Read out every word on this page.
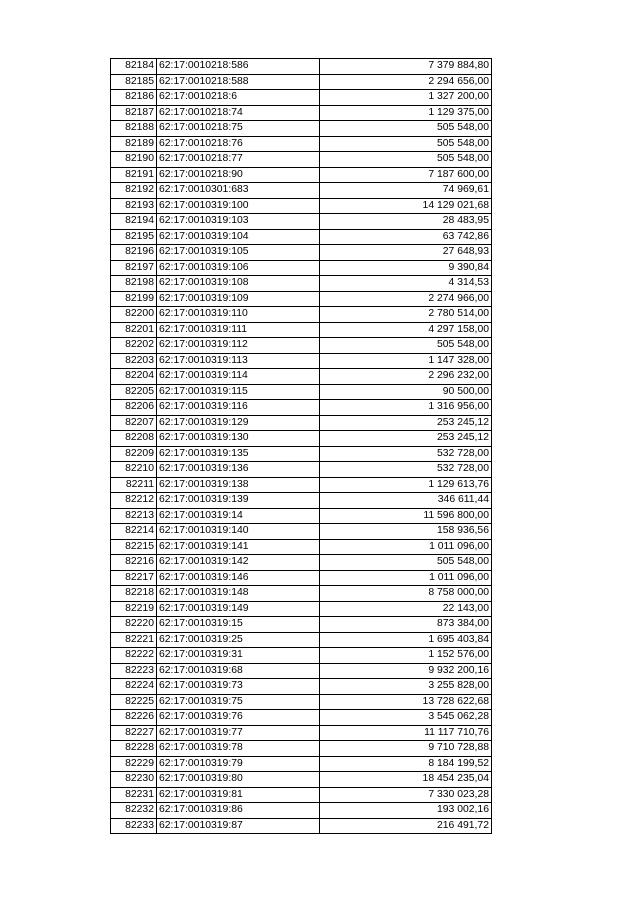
82184	62:17:0010218:586	7 379 884,80
82185	62:17:0010218:588	2 294 656,00
82186	62:17:0010218:6	1 327 200,00
82187	62:17:0010218:74	1 129 375,00
82188	62:17:0010218:75	505 548,00
82189	62:17:0010218:76	505 548,00
82190	62:17:0010218:77	505 548,00
82191	62:17:0010218:90	7 187 600,00
82192	62:17:0010301:683	74 969,61
82193	62:17:0010319:100	14 129 021,68
82194	62:17:0010319:103	28 483,95
82195	62:17:0010319:104	63 742,86
82196	62:17:0010319:105	27 648,93
82197	62:17:0010319:106	9 390,84
82198	62:17:0010319:108	4 314,53
82199	62:17:0010319:109	2 274 966,00
82200	62:17:0010319:110	2 780 514,00
82201	62:17:0010319:111	4 297 158,00
82202	62:17:0010319:112	505 548,00
82203	62:17:0010319:113	1 147 328,00
82204	62:17:0010319:114	2 296 232,00
82205	62:17:0010319:115	90 500,00
82206	62:17:0010319:116	1 316 956,00
82207	62:17:0010319:129	253 245,12
82208	62:17:0010319:130	253 245,12
82209	62:17:0010319:135	532 728,00
82210	62:17:0010319:136	532 728,00
82211	62:17:0010319:138	1 129 613,76
82212	62:17:0010319:139	346 611,44
82213	62:17:0010319:14	11 596 800,00
82214	62:17:0010319:140	158 936,56
82215	62:17:0010319:141	1 011 096,00
82216	62:17:0010319:142	505 548,00
82217	62:17:0010319:146	1 011 096,00
82218	62:17:0010319:148	8 758 000,00
82219	62:17:0010319:149	22 143,00
82220	62:17:0010319:15	873 384,00
82221	62:17:0010319:25	1 695 403,84
82222	62:17:0010319:31	1 152 576,00
82223	62:17:0010319:68	9 932 200,16
82224	62:17:0010319:73	3 255 828,00
82225	62:17:0010319:75	13 728 622,68
82226	62:17:0010319:76	3 545 062,28
82227	62:17:0010319:77	11 117 710,76
82228	62:17:0010319:78	9 710 728,88
82229	62:17:0010319:79	8 184 199,52
82230	62:17:0010319:80	18 454 235,04
82231	62:17:0010319:81	7 330 023,28
82232	62:17:0010319:86	193 002,16
82233	62:17:0010319:87	216 491,72
